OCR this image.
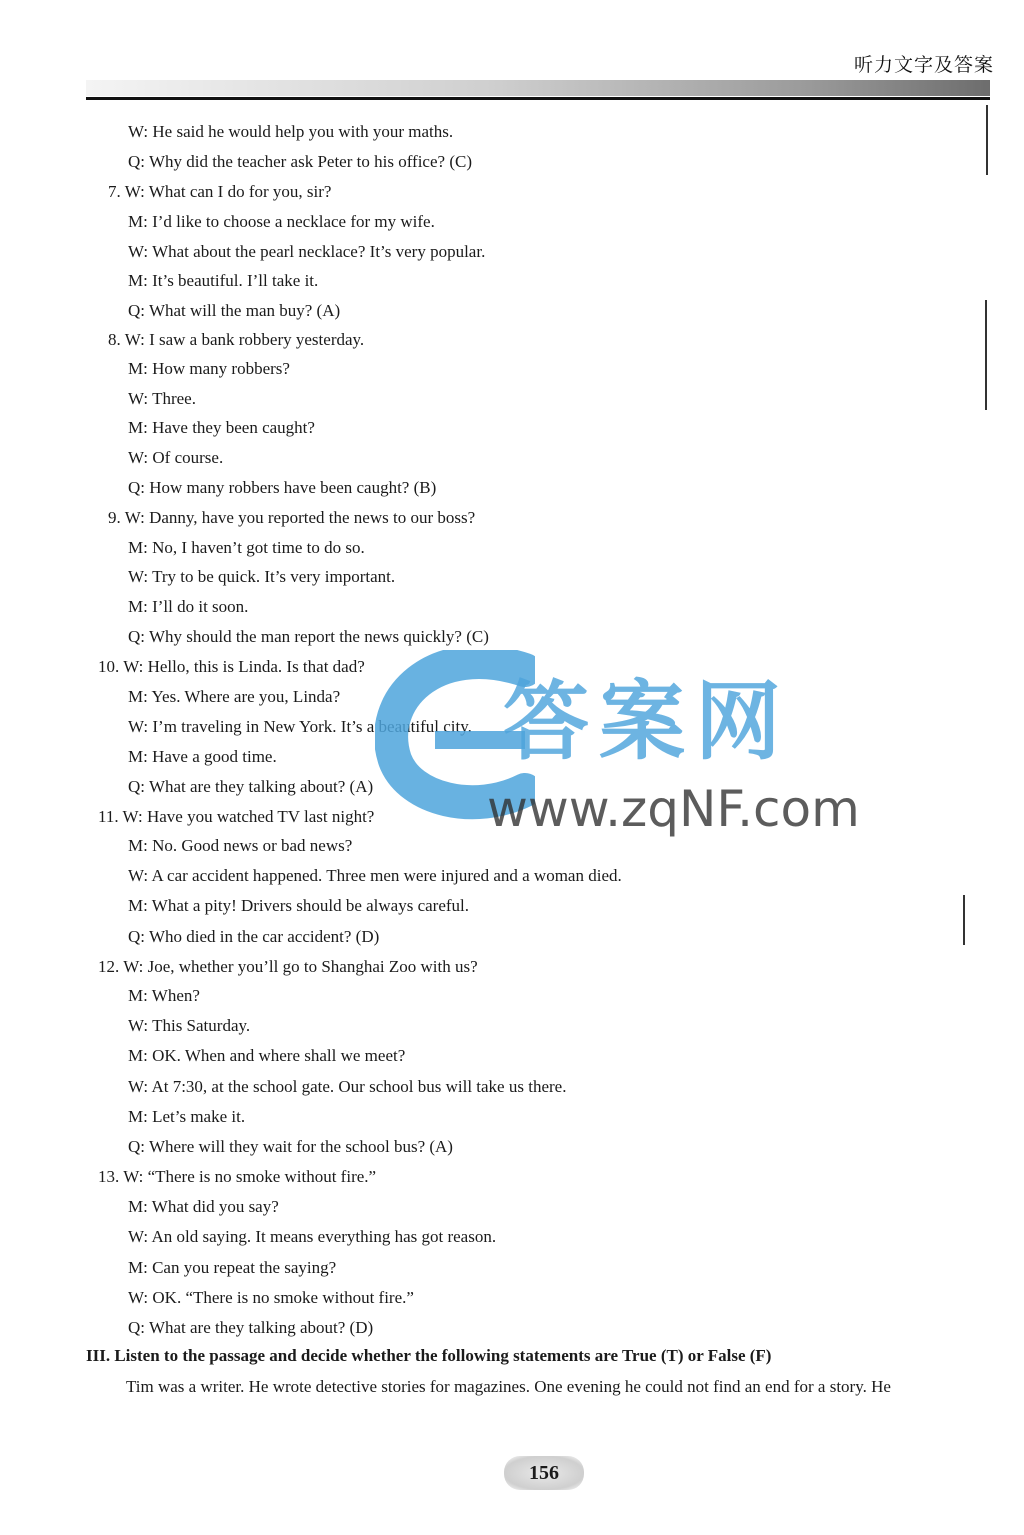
听力文字及答案
W: He said he would help you with your maths.
Q: Why did the teacher ask Peter to his office? (C)
7. W: What can I do for you, sir?
M: I’d like to choose a necklace for my wife.
W: What about the pearl necklace? It’s very popular.
M: It’s beautiful. I’ll take it.
Q: What will the man buy? (A)
8. W: I saw a bank robbery yesterday.
M: How many robbers?
W: Three.
M: Have they been caught?
W: Of course.
Q: How many robbers have been caught? (B)
9. W: Danny, have you reported the news to our boss?
M: No, I haven’t got time to do so.
W: Try to be quick. It’s very important.
M: I’ll do it soon.
Q: Why should the man report the news quickly? (C)
10. W: Hello, this is Linda. Is that dad?
M: Yes. Where are you, Linda?
W: I’m traveling in New York. It’s a beautiful city.
M: Have a good time.
Q: What are they talking about? (A)
11. W: Have you watched TV last night?
M: No. Good news or bad news?
W: A car accident happened. Three men were injured and a woman died.
M: What a pity! Drivers should be always careful.
Q: Who died in the car accident? (D)
12. W: Joe, whether you’ll go to Shanghai Zoo with us?
M: When?
W: This Saturday.
M: OK. When and where shall we meet?
W: At 7:30, at the school gate. Our school bus will take us there.
M: Let’s make it.
Q: Where will they wait for the school bus? (A)
13. W: “There is no smoke without fire.”
M: What did you say?
W: An old saying. It means everything has got reason.
M: Can you repeat the saying?
W: OK. “There is no smoke without fire.”
Q: What are they talking about? (D)
III. Listen to the passage and decide whether the following statements are True (T) or False (F)
Tim was a writer. He wrote detective stories for magazines. One evening he could not find an end for a story. He
答案网
www.zqNF.com
156
